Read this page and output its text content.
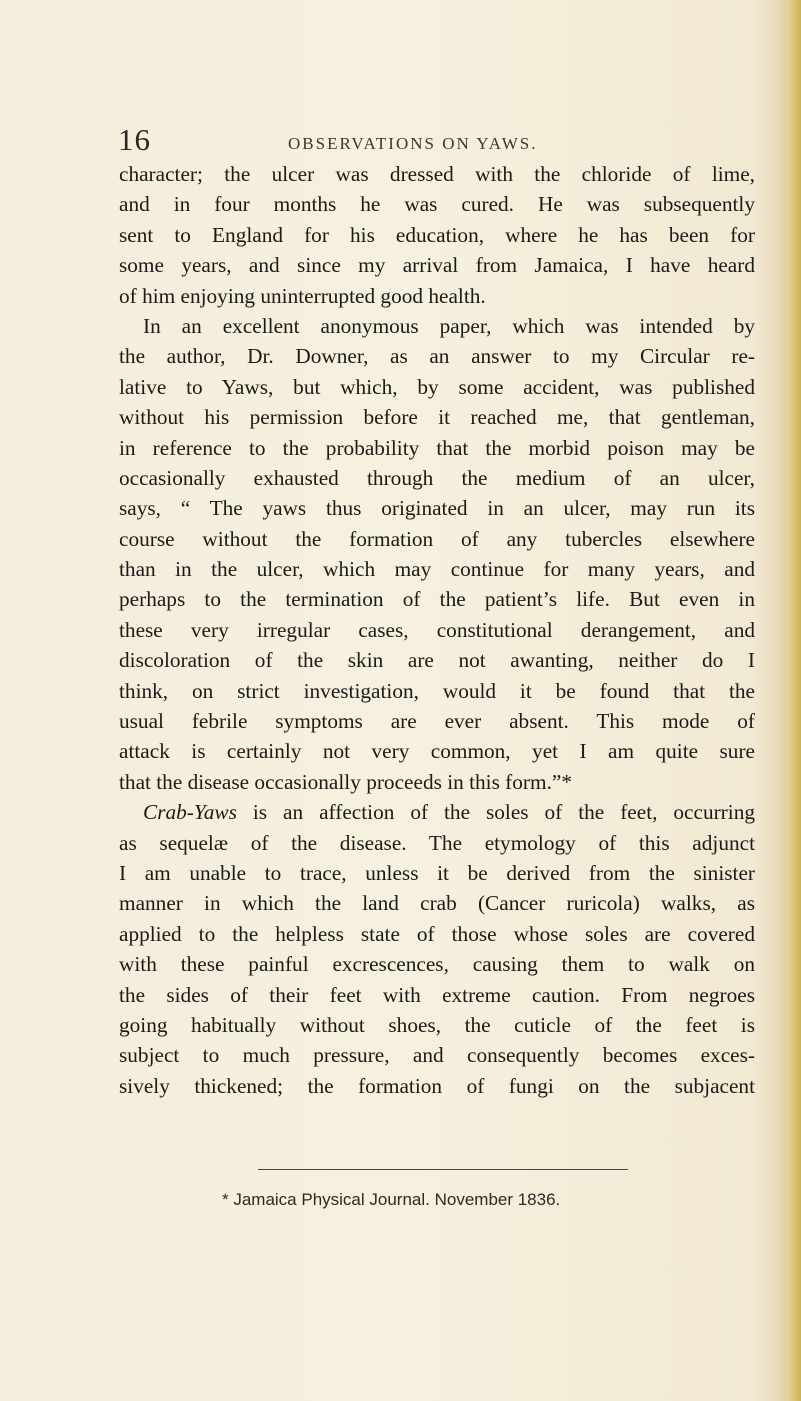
16	OBSERVATIONS ON YAWS.
character; the ulcer was dressed with the chloride of lime,
and in four months he was cured. He was subsequently
sent to England for his education, where he has been for
some years, and since my arrival from Jamaica, I have heard
of him enjoying uninterrupted good health.
In an excellent anonymous paper, which was intended by
the author, Dr. Downer, as an answer to my Circular re-
lative to Yaws, but which, by some accident, was published
without his permission before it reached me, that gentleman,
in reference to the probability that the morbid poison may be
occasionally exhausted through the medium of an ulcer,
says, “ The yaws thus originated in an ulcer, may run its
course without the formation of any tubercles elsewhere
than in the ulcer, which may continue for many years, and
perhaps to the termination of the patient’s life. But even in
these very irregular cases, constitutional derangement, and
discoloration of the skin are not awanting, neither do I
think, on strict investigation, would it be found that the
usual febrile symptoms are ever absent. This mode of
attack is certainly not very common, yet I am quite sure
that the disease occasionally proceeds in this form.”*
Crab-Yaws is an affection of the soles of the feet, occurring
as sequelæ of the disease. The etymology of this adjunct
I am unable to trace, unless it be derived from the sinister
manner in which the land crab (Cancer ruricola) walks, as
applied to the helpless state of those whose soles are covered
with these painful excrescences, causing them to walk on
the sides of their feet with extreme caution. From negroes
going habitually without shoes, the cuticle of the feet is
subject to much pressure, and consequently becomes exces-
sively thickened; the formation of fungi on the subjacent
* Jamaica Physical Journal. November 1836.
